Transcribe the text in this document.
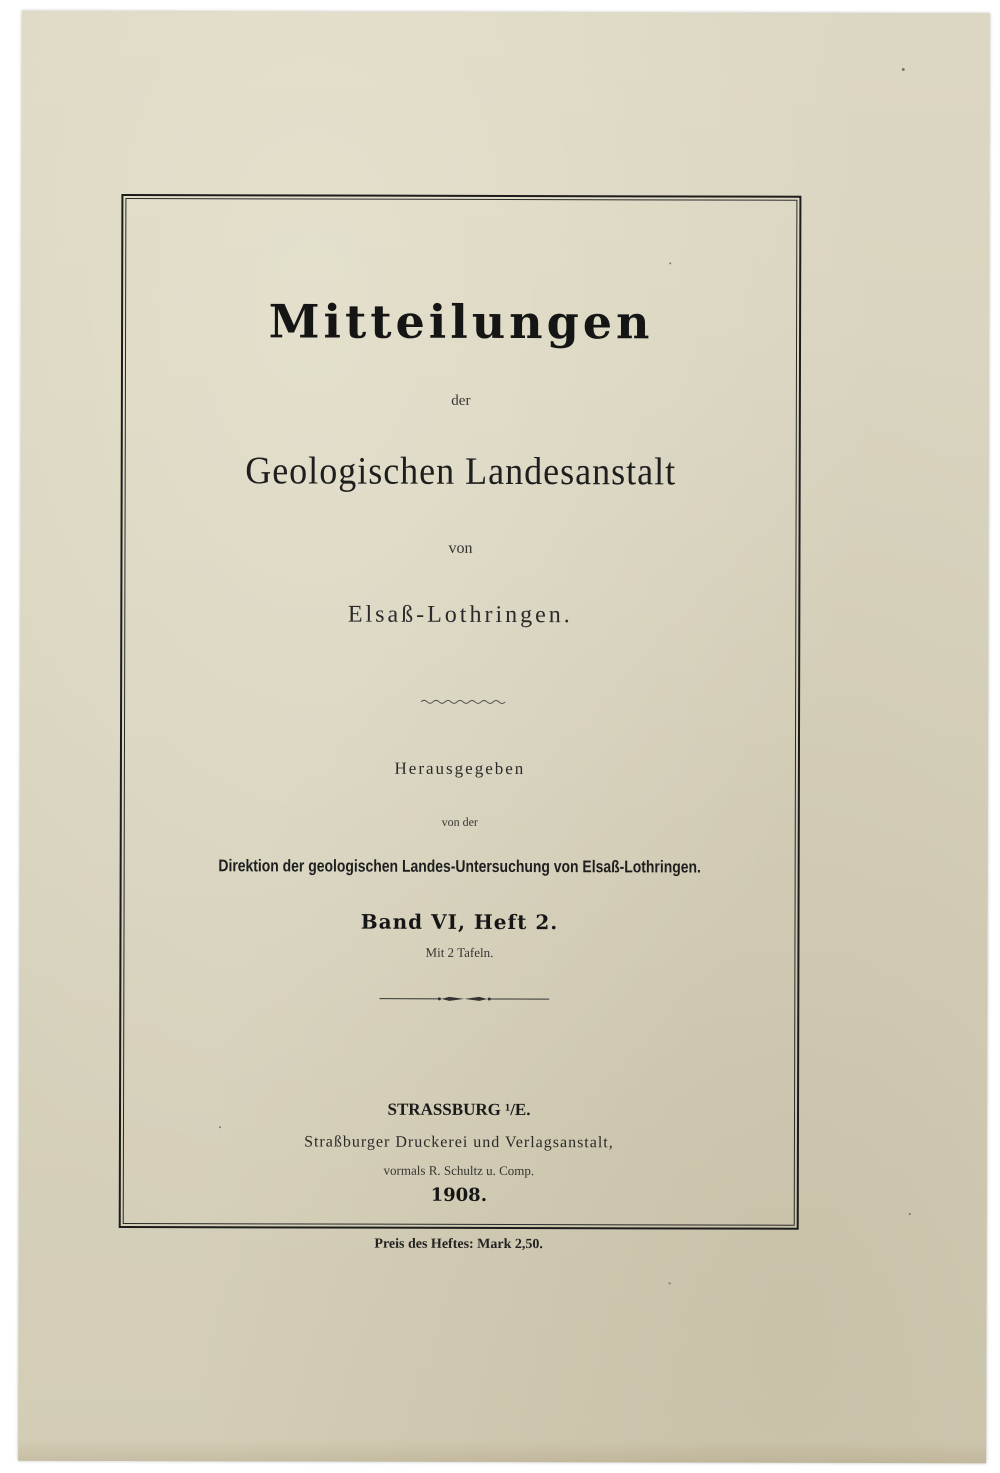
Mitteilungen
der
Geologischen Landesanstalt
von
Elsaß-Lothringen.
Herausgegeben
von der
Direktion der geologischen Landes-Untersuchung von Elsaß-Lothringen.
Band VI, Heft 2.
Mit 2 Tafeln.
STRASSBURG ¹/E.
Straßburger Druckerei und Verlagsanstalt,
vormals R. Schultz u. Comp.
1908.
Preis des Heftes: Mark 2,50.
